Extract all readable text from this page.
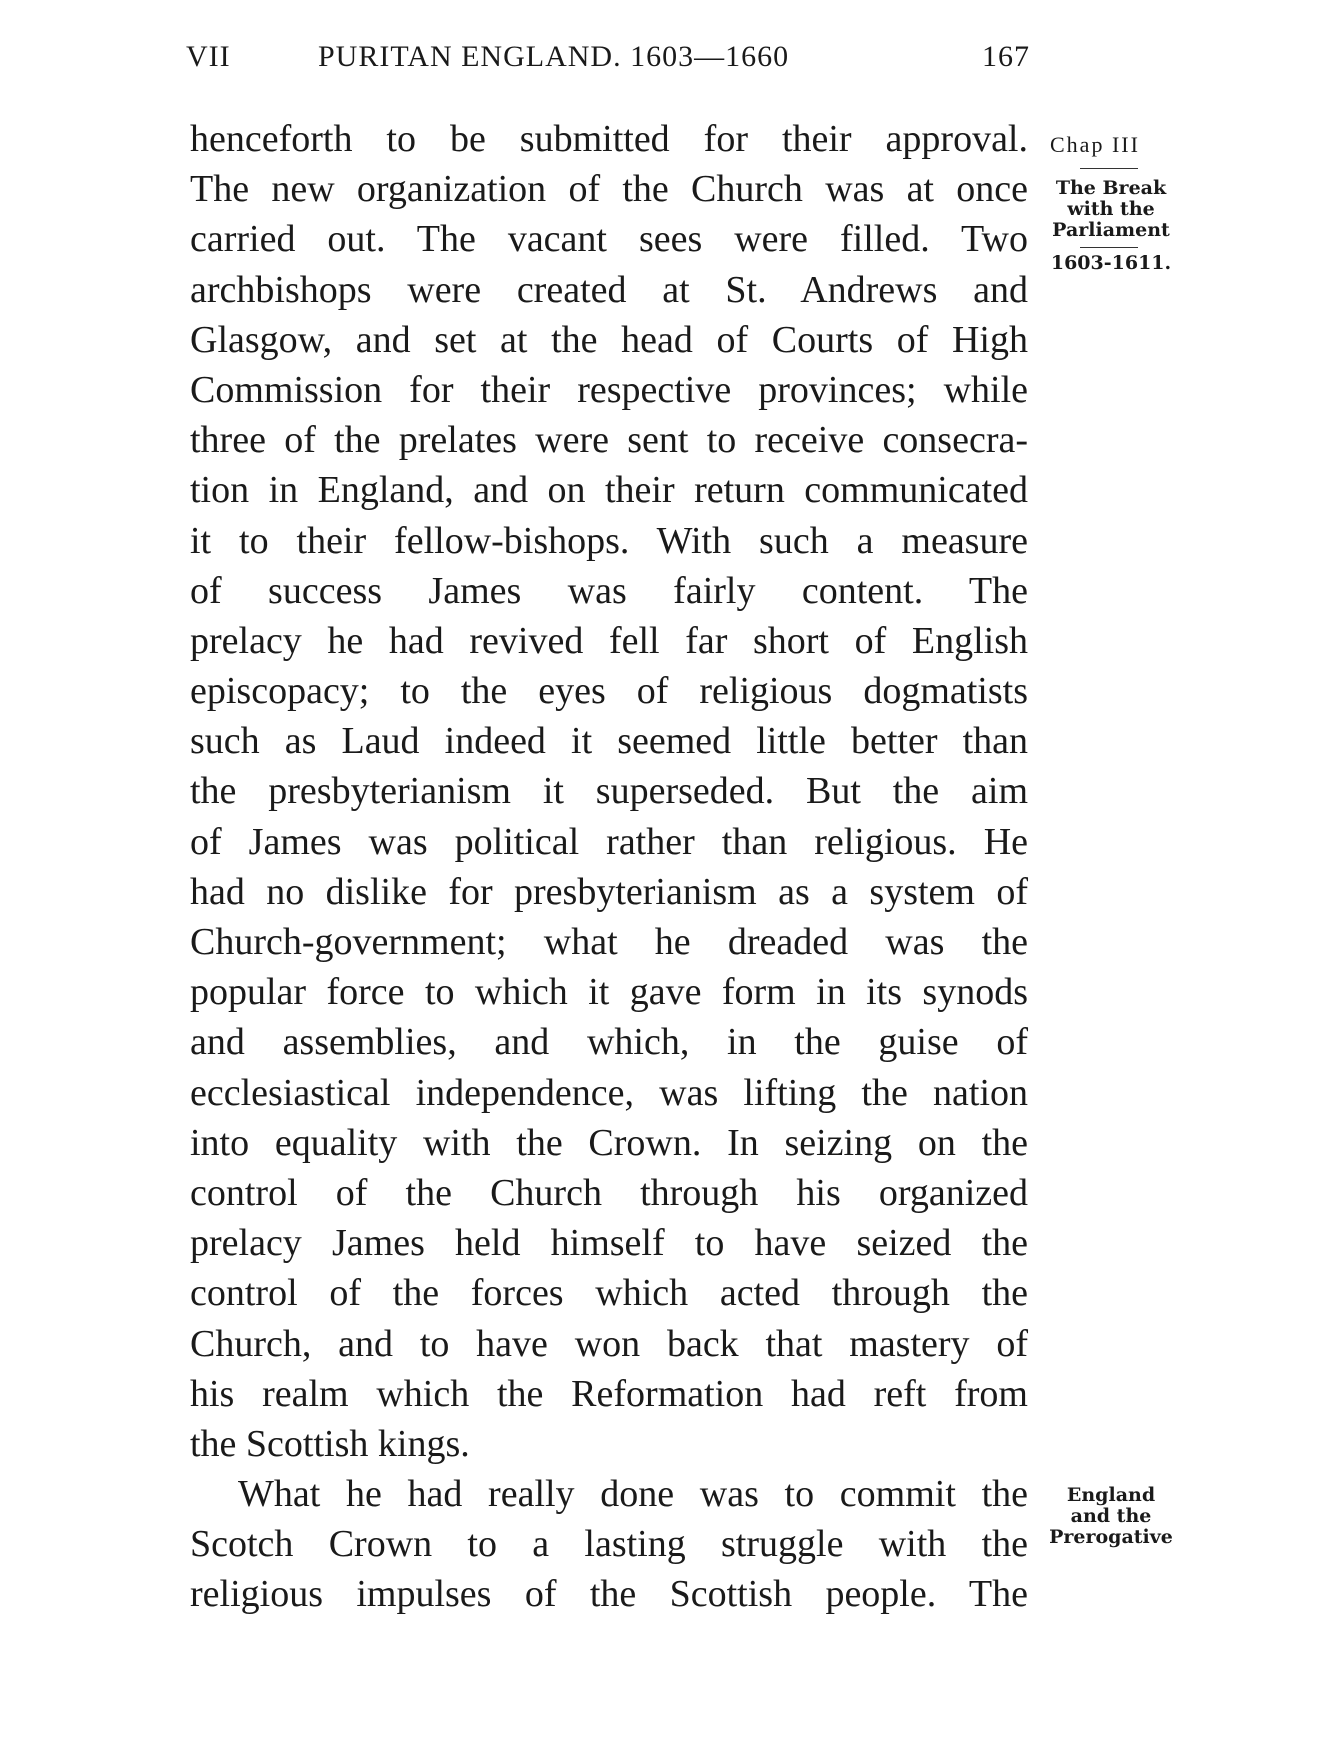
VII	PURITAN ENGLAND. 1603—1660	167
henceforth to be submitted for their approval.
The new organization of the Church was at once
carried out. The vacant sees were filled. Two
archbishops were created at St. Andrews and
Glasgow, and set at the head of Courts of High
Commission for their respective provinces; while
three of the prelates were sent to receive consecra-
tion in England, and on their return communicated
it to their fellow-bishops. With such a measure
of success James was fairly content. The
prelacy he had revived fell far short of English
episcopacy; to the eyes of religious dogmatists
such as Laud indeed it seemed little better than
the presbyterianism it superseded. But the aim
of James was political rather than religious. He
had no dislike for presbyterianism as a system of
Church-government; what he dreaded was the
popular force to which it gave form in its synods
and assemblies, and which, in the guise of
ecclesiastical independence, was lifting the nation
into equality with the Crown. In seizing on the
control of the Church through his organized
prelacy James held himself to have seized the
control of the forces which acted through the
Church, and to have won back that mastery of
his realm which the Reformation had reft from
the Scottish kings.
What he had really done was to commit the
Scotch Crown to a lasting struggle with the
religious impulses of the Scottish people. The
Chap III
The Break
with the
Parliament
1603-1611.
England
and the
Prerogative
